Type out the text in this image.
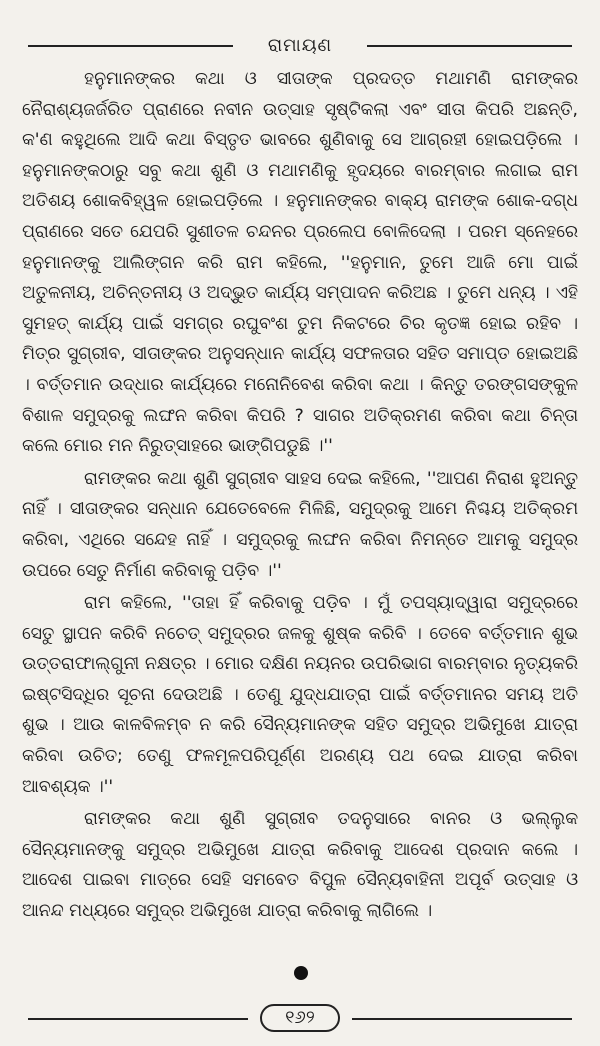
ରାମାୟଣ

ହନୁମାନଙ୍କର କଥା ଓ ସୀତାଙ୍କ ପ୍ରଦତ୍ତ ମଥାମଣି ରାମଙ୍କର ନୈରାଶ୍ୟଜର୍ଜରିତ ପ୍ରାଣରେ ନବୀନ ଉତ୍ସାହ ସୃଷ୍ଟିକଲା ଏବଂ ସୀତା କିପରି ଅଛନ୍ତି, କ'ଣ କହୁଥିଲେ ଆଦି କଥା ବିସ୍ତୃତ ଭାବରେ ଶୁଣିବାକୁ ସେ ଆଗ୍ରହୀ ହୋଇପଡ଼ିଲେ । ହନୁମାନଙ୍କଠାରୁ ସବୁ କଥା ଶୁଣି ଓ ମଥାମଣିକୁ ହୃଦୟରେ ବାରମ୍ବାର ଲଗାଇ ରାମ ଅତିଶୟ ଶୋକବିହ୍ୱଳ ହୋଇପଡ଼ିଲେ । ହନୁମାନଙ୍କର ବାକ୍ୟ ରାମଙ୍କ ଶୋକ-ଦଗ୍ଧ ପ୍ରାଣରେ ସତେ ଯେପରି ସୁଶୀତଳ ଚନ୍ଦନର ପ୍ରଲେପ ବୋଳିଦେଲା । ପରମ ସ୍ନେହରେ ହନୁମାନଙ୍କୁ ଆଲିଙ୍ଗନ କରି ରାମ କହିଲେ, ''ହନୁମାନ, ତୁମେ ଆଜି ମୋ ପାଇଁ ଅତୁଳନୀୟ, ଅଚିନ୍ତନୀୟ ଓ ଅଦ୍ଭୁତ କାର୍ଯ୍ୟ ସମ୍ପାଦନ କରିଅଛ । ତୁମେ ଧନ୍ୟ । ଏହି ସୁମହତ୍ କାର୍ଯ୍ୟ ପାଇଁ ସମଗ୍ର ରଘୁବଂଶ ତୁମ ନିକଟରେ ଚିର କୃତଜ୍ଞ ହୋଇ ରହିବ । ମିତ୍ର ସୁଗ୍ରୀବ, ସୀତାଙ୍କର ଅନୁସନ୍ଧାନ କାର୍ଯ୍ୟ ସଫଳତାର ସହିତ ସମାପ୍ତ ହୋଇଅଛି । ବର୍ତ୍ତମାନ ଉଦ୍ଧାର କାର୍ଯ୍ୟରେ ମନୋନିବେଶ କରିବା କଥା । କିନ୍ତୁ ତରଙ୍ଗସଙ୍କୁଳ ବିଶାଳ ସମୁଦ୍ରକୁ ଲଙ୍ଘନ କରିବା କିପରି ? ସାଗର ଅତିକ୍ରମଣ କରିବା କଥା ଚିନ୍ତା କଲେ ମୋର ମନ ନିରୁତ୍ସାହରେ ଭାଙ୍ଗିପଡୁଛି ।''

ରାମଙ୍କର କଥା ଶୁଣି ସୁଗ୍ରୀବ ସାହସ ଦେଇ କହିଲେ, ''ଆପଣ ନିରାଶ ହୁଅନ୍ତୁ ନାହିଁ । ସୀତାଙ୍କର ସନ୍ଧାନ ଯେତେବେଳେ ମିଳିଛି, ସମୁଦ୍ରକୁ ଆମେ ନିଶ୍ଚୟ ଅତିକ୍ରମ କରିବା, ଏଥିରେ ସନ୍ଦେହ ନାହିଁ । ସମୁଦ୍ରକୁ ଲଙ୍ଘନ କରିବା ନିମନ୍ତେ ଆମକୁ ସମୁଦ୍ର ଉପରେ ସେତୁ ନିର୍ମାଣ କରିବାକୁ ପଡ଼ିବ ।''

ରାମ କହିଲେ, ''ତାହା ହିଁ କରିବାକୁ ପଡ଼ିବ । ମୁଁ ତପସ୍ୟାଦ୍ୱାରା ସମୁଦ୍ରରେ ସେତୁ ସ୍ଥାପନ କରିବି ନଚେତ୍ ସମୁଦ୍ରର ଜଳକୁ ଶୁଷ୍କ କରିବି । ତେବେ ବର୍ତ୍ତମାନ ଶୁଭ ଉତ୍ତରାଫାଲ୍‌ଗୁନୀ ନକ୍ଷତ୍ର । ମୋର ଦକ୍ଷିଣ ନୟନର ଉପରିଭାଗ ବାରମ୍ବାର ନୃତ୍ୟକରି ଇଷ୍ଟସିଦ୍ଧିର ସୂଚନା ଦେଉଅଛି । ତେଣୁ ଯୁଦ୍ଧଯାତ୍ରା ପାଇଁ ବର୍ତ୍ତମାନର ସମୟ ଅତି ଶୁଭ । ଆଉ କାଳବିଳମ୍ବ ନ କରି ସୈନ୍ୟମାନଙ୍କ ସହିତ ସମୁଦ୍ର ଅଭିମୁଖେ ଯାତ୍ରା କରିବା ଉଚିତ; ତେଣୁ ଫଳମୂଳପରିପୂର୍ଣ୍ଣ ଅରଣ୍ୟ ପଥ ଦେଇ ଯାତ୍ରା କରିବା ଆବଶ୍ୟକ ।''

ରାମଙ୍କର କଥା ଶୁଣି ସୁଗ୍ରୀବ ତଦନୁସାରେ ବାନର ଓ ଭଲ୍ଲୁକ ସୈନ୍ୟମାନଙ୍କୁ ସମୁଦ୍ର ଅଭିମୁଖେ ଯାତ୍ରା କରିବାକୁ ଆଦେଶ ପ୍ରଦାନ କଲେ । ଆଦେଶ ପାଇବା ମାତ୍ରେ ସେହି ସମବେତ ବିପୁଳ ସୈନ୍ୟବାହିନୀ ଅପୂର୍ବ ଉତ୍ସାହ ଓ ଆନନ୍ଦ ମଧ୍ୟରେ ସମୁଦ୍ର ଅଭିମୁଖେ ଯାତ୍ରା କରିବାକୁ ଲାଗିଲେ ।

୧୬୨
